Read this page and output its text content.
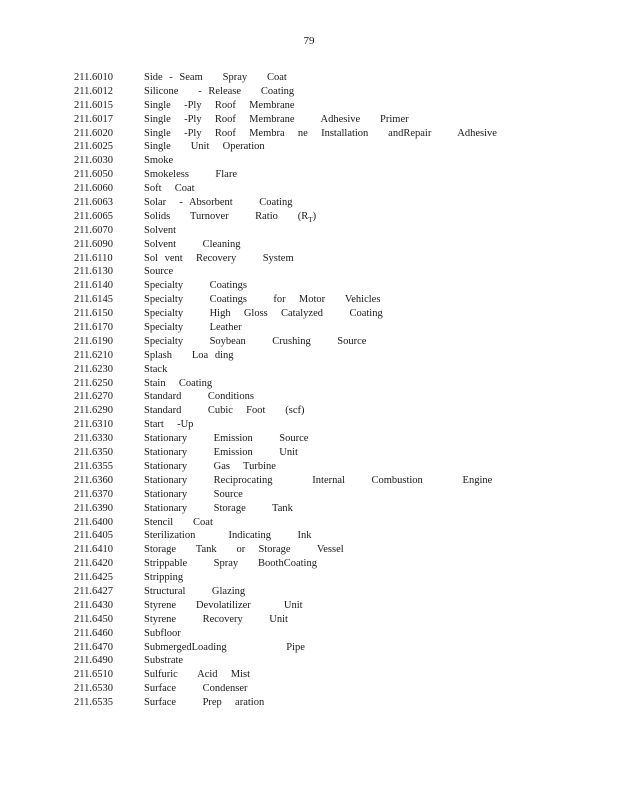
79
211.6010	Side - Seam   Spray   Coat
211.6012	Silicone   - Release   Coating
211.6015	Single  -Ply  Roof  Membrane
211.6017	Single  -Ply  Roof  Membrane    Adhesive   Primer
211.6020	Single  -Ply  Roof  Membra  ne  Installation   andRepair    Adhesive
211.6025	Single   Unit  Operation
211.6030	Smoke
211.6050	Smokeless    Flare
211.6060	Soft  Coat
211.6063	Solar  - Absorbent    Coating
211.6065	Solids   Turnover    Ratio   $(R_T)$
211.6070	Solvent
211.6090	Solvent    Cleaning
211.6110	Sol vent  Recovery    System
211.6130	Source
211.6140	Specialty    Coatings
211.6145	Specialty    Coatings    for  Motor   Vehicles
211.6150	Specialty    High  Gloss  Catalyzed    Coating
211.6170	Specialty    Leather
211.6190	Specialty    Soybean    Crushing    Source
211.6210	Splash   Loa ding
211.6230	Stack
211.6250	Stain  Coating
211.6270	Standard    Conditions
211.6290	Standard    Cubic  Foot   (scf)
211.6310	Start  -Up
211.6330	Stationary    Emission    Source
211.6350	Stationary    Emission    Unit
211.6355	Stationary    Gas  Turbine
211.6360	Stationary    Reciprocating      Internal    Combustion      Engine
211.6370	Stationary    Source
211.6390	Stationary    Storage    Tank
211.6400	Stencil   Coat
211.6405	Sterilization     Indicating    Ink
211.6410	Storage   Tank   or  Storage    Vessel
211.6420	Strippable    Spray   BoothCoating
211.6425	Stripping
211.6427	Structural    Glazing
211.6430	Styrene   Devolatilizer     Unit
211.6450	Styrene    Recovery    Unit
211.6460	Subfloor
211.6470	SubmergedLoading         Pipe
211.6490	Substrate
211.6510	Sulfuric   Acid  Mist
211.6530	Surface    Condenser
211.6535	Surface    Prep  aration
